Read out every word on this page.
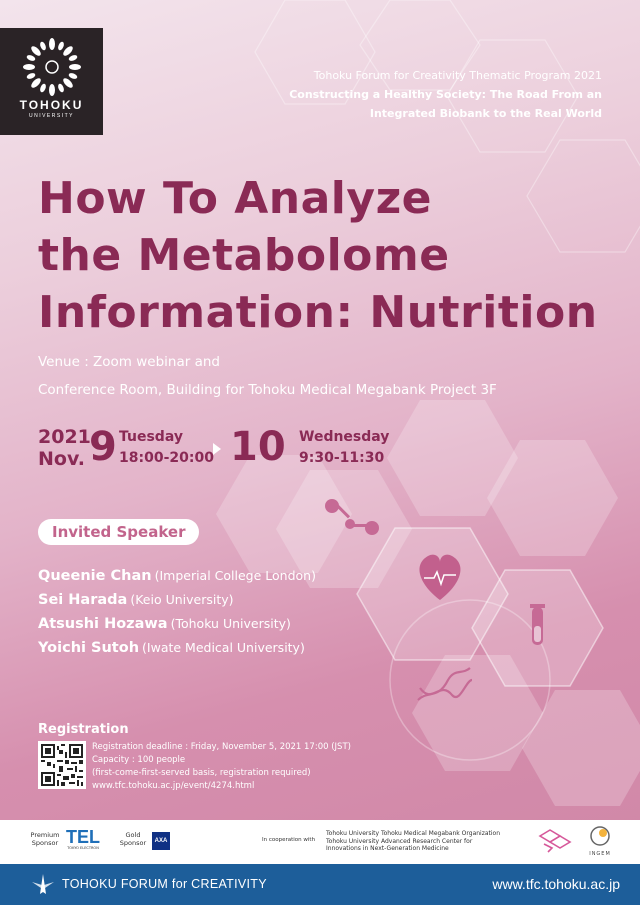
TOHOKU
UNIVERSITY
Tohoku Forum for Creativity Thematic Program 2021
Constructing a Healthy Society: The Road From an
Integrated Biobank to the Real World
How To Analyze
the Metabolome
Information: Nutrition
Venue : Zoom webinar and
Conference Room, Building for Tohoku Medical Megabank Project 3F
2021
Nov. 9 Tuesday
18:00-20:00 10 Wednesday
9:30-11:30
Invited Speaker
Queenie Chan (Imperial College London)
Sei Harada (Keio University)
Atsushi Hozawa (Tohoku University)
Yoichi Sutoh (Iwate Medical University)
Registration
Registration deadline : Friday, November 5, 2021 17:00 (JST)
Capacity : 100 people
(first-come-first-served basis, registration required)
www.tfc.tohoku.ac.jp/event/4274.html
Premium
Sponsor TEL
TOKYO ELECTRON
Gold
Sponsor	AXA	In cooperation with
Tohoku University Tohoku Medical Megabank Organization
Tohoku University Advanced Research Center for
Innovations in Next-Generation Medicine
INGEM
TOHOKU FORUM for CREATIVITY	www.tfc.tohoku.ac.jp
